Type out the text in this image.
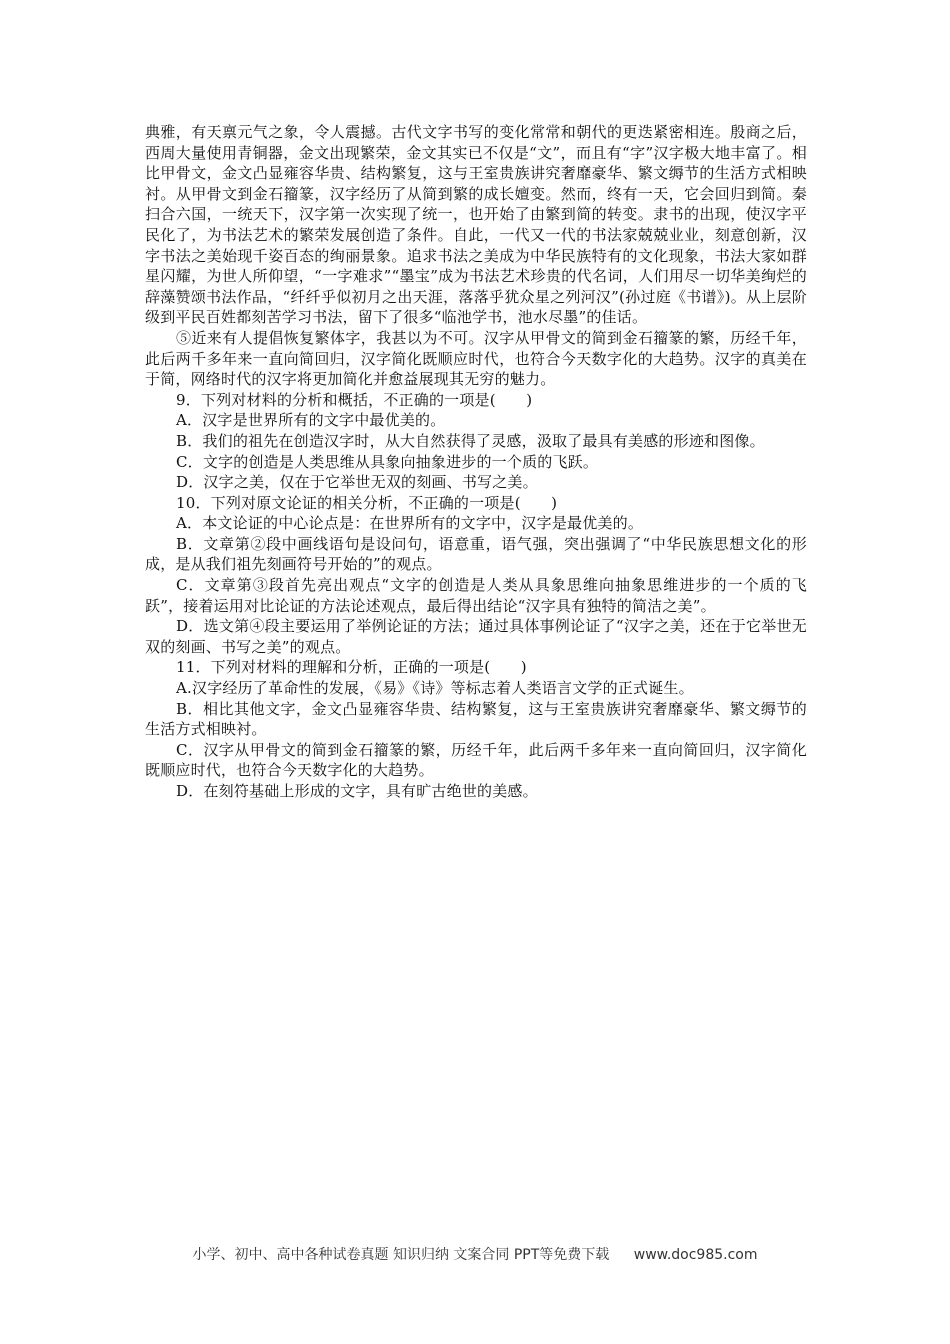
典雅，有天禀元气之象，令人震撼。古代文字书写的变化常常和朝代的更迭紧密相连。殷商之后，西周大量使用青铜器，金文出现繁荣，金文其实已不仅是“文”，而且有“字”汉字极大地丰富了。相比甲骨文，金文凸显雍容华贵、结构繁复，这与王室贵族讲究奢靡豪华、繁文缛节的生活方式相映衬。从甲骨文到金石籀篆，汉字经历了从简到繁的成长嬗变。然而，终有一天，它会回归到简。秦扫合六国，一统天下，汉字第一次实现了统一，也开始了由繁到简的转变。隶书的出现，使汉字平民化了，为书法艺术的繁荣发展创造了条件。自此，一代又一代的书法家兢兢业业，刻意创新，汉字书法之美始现千姿百态的绚丽景象。追求书法之美成为中华民族特有的文化现象，书法大家如群星闪耀，为世人所仰望，“一字难求”“墨宝”成为书法艺术珍贵的代名词，人们用尽一切华美绚烂的辞藻赞颂书法作品，“纤纤乎似初月之出天涯，落落乎犹众星之列河汉”(孙过庭《书谱》)。从上层阶级到平民百姓都刻苦学习书法，留下了很多“临池学书，池水尽墨”的佳话。

⑤近来有人提倡恢复繁体字，我甚以为不可。汉字从甲骨文的简到金石籀篆的繁，历经千年，此后两千多年来一直向简回归，汉字简化既顺应时代，也符合今天数字化的大趋势。汉字的真美在于简，网络时代的汉字将更加简化并愈益展现其无穷的魅力。

9．下列对材料的分析和概括，不正确的一项是(　　)

A．汉字是世界所有的文字中最优美的。

B．我们的祖先在创造汉字时，从大自然获得了灵感，汲取了最具有美感的形迹和图像。

C．文字的创造是人类思维从具象向抽象进步的一个质的飞跃。

D．汉字之美，仅在于它举世无双的刻画、书写之美。

10．下列对原文论证的相关分析，不正确的一项是(　　)

A．本文论证的中心论点是：在世界所有的文字中，汉字是最优美的。

B．文章第②段中画线语句是设问句，语意重，语气强，突出强调了“中华民族思想文化的形成，是从我们祖先刻画符号开始的”的观点。

C．文章第③段首先亮出观点“文字的创造是人类从具象思维向抽象思维进步的一个质的飞跃”，接着运用对比论证的方法论述观点，最后得出结论“汉字具有独特的简洁之美”。

D．选文第④段主要运用了举例论证的方法；通过具体事例论证了“汉字之美，还在于它举世无双的刻画、书写之美”的观点。

11．下列对材料的理解和分析，正确的一项是(　　)

A.汉字经历了革命性的发展，《易》《诗》等标志着人类语言文学的正式诞生。

B．相比其他文字，金文凸显雍容华贵、结构繁复，这与王室贵族讲究奢靡豪华、繁文缛节的生活方式相映衬。

C．汉字从甲骨文的简到金石籀篆的繁，历经千年，此后两千多年来一直向简回归，汉字简化既顺应时代，也符合今天数字化的大趋势。

D．在刻符基础上形成的文字，具有旷古绝世的美感。

小学、初中、高中各种试卷真题 知识归纳 文案合同 PPT等免费下载 www.doc985.com
